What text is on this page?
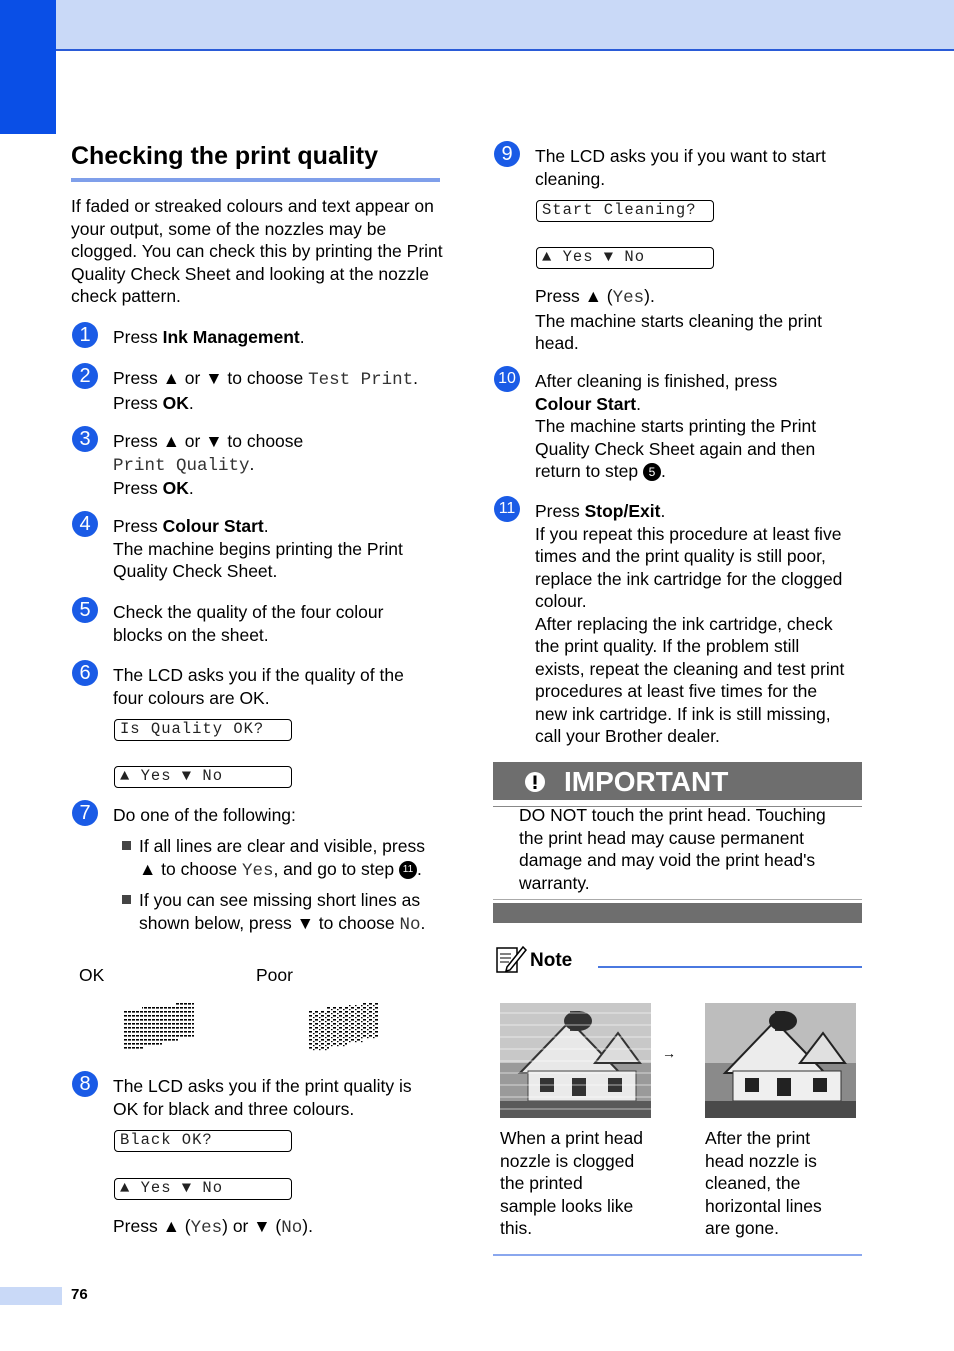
Checking the print quality
If faded or streaked colours and text appear on your output, some of the nozzles may be clogged. You can check this by printing the Print Quality Check Sheet and looking at the nozzle check pattern.
1	Press Ink Management.
2	Press ▲ or ▼ to choose Test Print.
Press OK.
3	Press ▲ or ▼ to choose
Print Quality.
Press OK.
4	Press Colour Start.
The machine begins printing the Print
Quality Check Sheet.
5	Check the quality of the four colour
blocks on the sheet.
6	The LCD asks you if the quality of the
four colours are OK.
Is Quality OK?
▲ Yes ▼ No
7	Do one of the following:
If all lines are clear and visible, press
▲ to choose Yes, and go to step 11 .
If you can see missing short lines as
shown below, press ▼ to choose No.
OK	Poor
8	The LCD asks you if the print quality is
OK for black and three colours.
Black OK?
▲ Yes ▼ No
Press ▲ (Yes) or ▼ (No).
9	The LCD asks you if you want to start
cleaning.
Start Cleaning?
▲ Yes ▼ No
Press ▲ (Yes).
The machine starts cleaning the print
head.
10 After cleaning is finished, press
Colour Start.
The machine starts printing the Print
Quality Check Sheet again and then
return to step 5 .
11 Press Stop/Exit.
If you repeat this procedure at least five
times and the print quality is still poor,
replace the ink cartridge for the clogged
colour.
After replacing the ink cartridge, check
the print quality. If the problem still
exists, repeat the cleaning and test print
procedures at least five times for the
new ink cartridge. If ink is still missing,
call your Brother dealer.
IMPORTANT
DO NOT touch the print head. Touching
the print head may cause permanent
damage and may void the print head's
warranty.
Note
→
When a print head
nozzle is clogged
the printed
sample looks like
this.
After the print
head nozzle is
cleaned, the
horizontal lines
are gone.
76
